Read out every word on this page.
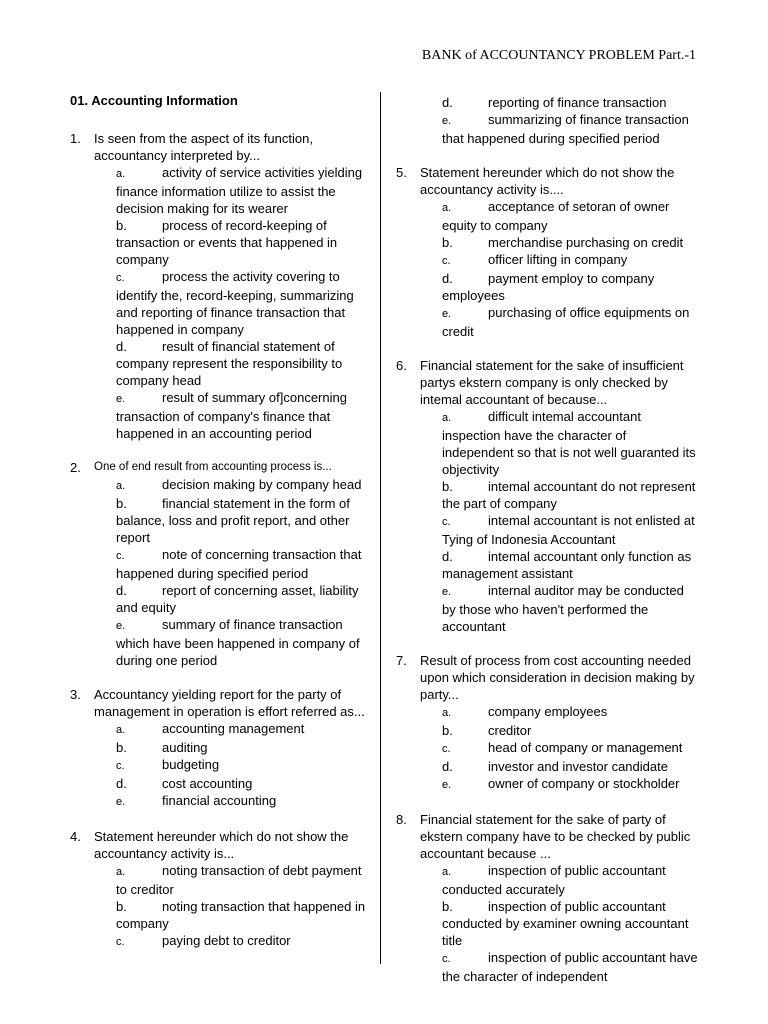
BANK of ACCOUNTANCY PROBLEM Part.-1
01. Accounting Information
1.	Is seen from the aspect of its function, accountancy interpreted by...
a.	activity of service activities yielding finance information utilize to assist the decision making for its wearer
b.	process of record-keeping of transaction or events that happened in company
c.	process the activity covering to identify the, record-keeping, summarizing and reporting of finance transaction that happened in company
d.	result of financial statement of company represent the responsibility to company head
e.	result of summary of]concerning transaction of company's finance that happened in an accounting period
2.	One of end result from accounting process is...
a.	decision making by company head
b.	financial statement in the form of balance, loss and profit report, and other report
c.	note of concerning transaction that happened during specified period
d.	report of concerning asset, liability and equity
e.	summary of finance transaction which have been happened in company of during one period
3.	Accountancy yielding report for the party of management in operation is effort referred as...
a.	accounting management
b.	auditing
c.	budgeting
d.	cost accounting
e.	financial accounting
4.	Statement hereunder which do not show the accountancy activity is...
a.	noting transaction of debt payment to creditor
b.	noting transaction that happened in company
c.	paying debt to creditor
d.	reporting of finance transaction
e.	summarizing of finance transaction that happened during specified period
5.	Statement hereunder which do not show the accountancy activity is....
a.	acceptance of setoran of owner equity to company
b.	merchandise purchasing on credit
c.	officer lifting in company
d.	payment employ to company employees
e.	purchasing of office equipments on credit
6.	Financial statement for the sake of insufficient partys ekstern company is only checked by intemal accountant of because...
a.	difficult intemal accountant inspection have the character of independent so that is not well guaranted its objectivity
b.	intemal accountant do not represent the part of company
c.	intemal accountant is not enlisted at Tying of Indonesia Accountant
d.	intemal accountant only function as management assistant
e.	internal auditor may be conducted by those who haven't performed the accountant
7.	Result of process from cost accounting needed upon which consideration in decision making by party...
a.	company employees
b.	creditor
c.	head of company or management
d.	investor and investor candidate
e.	owner of company or stockholder
8.	Financial statement for the sake of party of ekstern company have to be checked by public accountant because ...
a.	inspection of public accountant conducted accurately
b.	inspection of public accountant conducted by examiner owning accountant title
c.	inspection of public accountant have the character of independent
